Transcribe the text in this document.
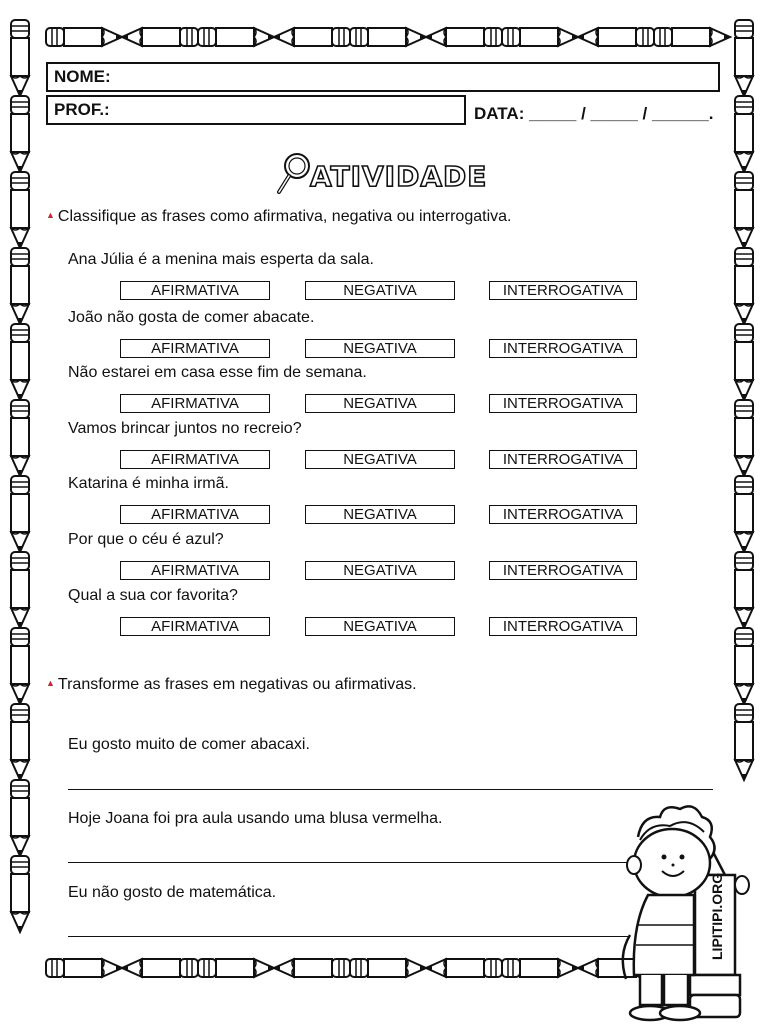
NOME:
PROF.:	DATA: _____ / _____ / ______.
ATIVIDADE
▲ Classifique as frases como afirmativa, negativa ou interrogativa.
Ana Júlia é a menina mais esperta da sala.
AFIRMATIVA	NEGATIVA	INTERROGATIVA
João não gosta de comer abacate.
AFIRMATIVA	NEGATIVA	INTERROGATIVA
Não estarei em casa esse fim de semana.
AFIRMATIVA	NEGATIVA	INTERROGATIVA
Vamos brincar juntos no recreio?
AFIRMATIVA	NEGATIVA	INTERROGATIVA
Katarina é minha irmã.
AFIRMATIVA	NEGATIVA	INTERROGATIVA
Por que o céu é azul?
AFIRMATIVA	NEGATIVA	INTERROGATIVA
Qual a sua cor favorita?
AFIRMATIVA	NEGATIVA	INTERROGATIVA
▲ Transforme as frases em negativas ou afirmativas.
Eu gosto muito de comer abacaxi.
Hoje Joana foi pra aula usando uma blusa vermelha.
Eu não gosto de matemática.	LIPITIPI.ORG
